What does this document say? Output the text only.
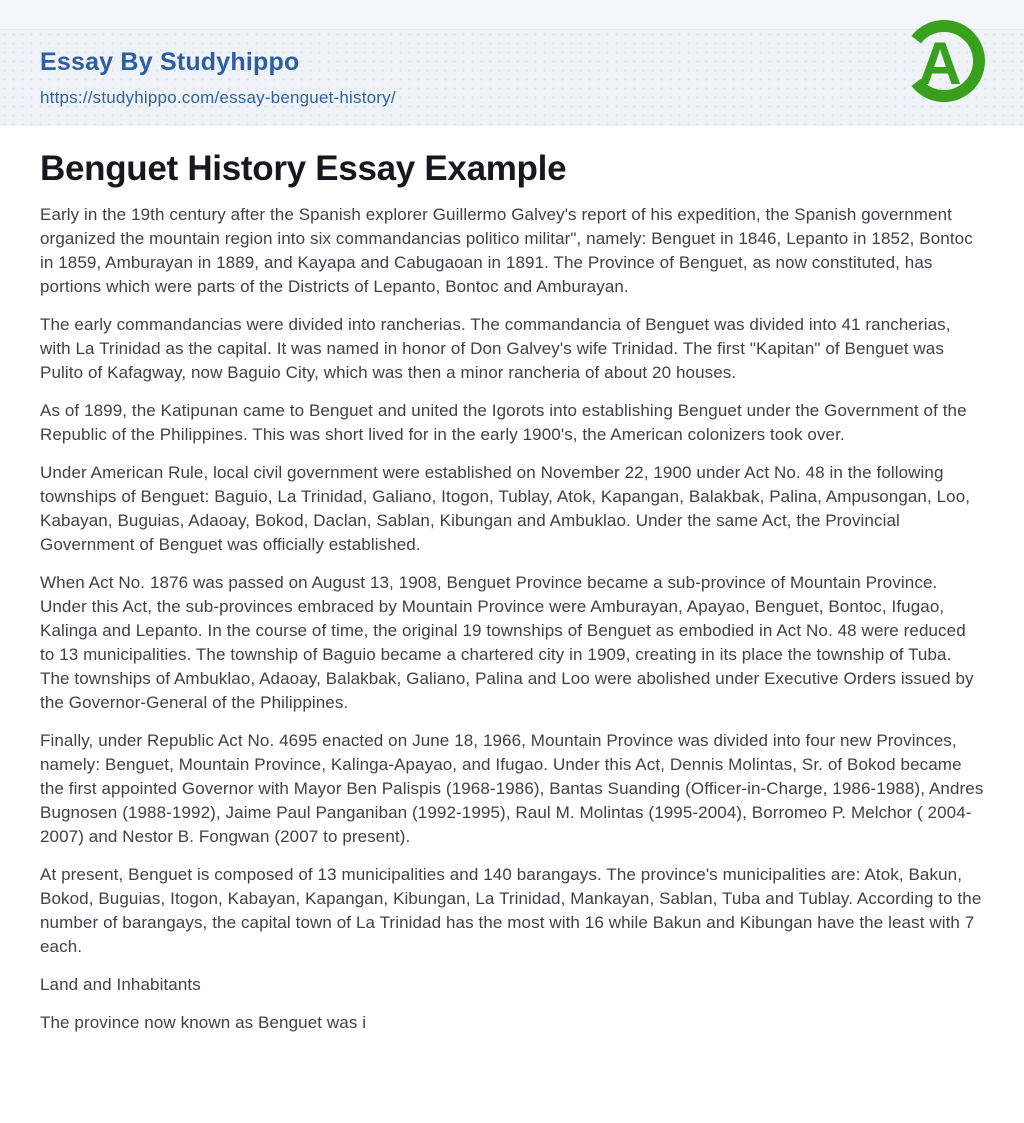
Essay By Studyhippo
https://studyhippo.com/essay-benguet-history/
A
Benguet History Essay Example

Early in the 19th century after the Spanish explorer Guillermo Galvey's report of his expedition, the Spanish government organized the mountain region into six commandancias politico militar", namely: Benguet in 1846, Lepanto in 1852, Bontoc in 1859, Amburayan in 1889, and Kayapa and Cabugaoan in 1891. The Province of Benguet, as now constituted, has portions which were parts of the Districts of Lepanto, Bontoc and Amburayan.

The early commandancias were divided into rancherias. The commandancia of Benguet was divided into 41 rancherias, with La Trinidad as the capital. It was named in honor of Don Galvey's wife Trinidad. The first "Kapitan" of Benguet was Pulito of Kafagway, now Baguio City, which was then a minor rancheria of about 20 houses.

As of 1899, the Katipunan came to Benguet and united the Igorots into establishing Benguet under the Government of the Republic of the Philippines. This was short lived for in the early 1900's, the American colonizers took over.

Under American Rule, local civil government were established on November 22, 1900 under Act No. 48 in the following townships of Benguet: Baguio, La Trinidad, Galiano, Itogon, Tublay, Atok, Kapangan, Balakbak, Palina, Ampusongan, Loo, Kabayan, Buguias, Adaoay, Bokod, Daclan, Sablan, Kibungan and Ambuklao. Under the same Act, the Provincial Government of Benguet was officially established.

When Act No. 1876 was passed on August 13, 1908, Benguet Province became a sub-province of Mountain Province. Under this Act, the sub-provinces embraced by Mountain Province were Amburayan, Apayao, Benguet, Bontoc, Ifugao, Kalinga and Lepanto. In the course of time, the original 19 townships of Benguet as embodied in Act No. 48 were reduced to 13 municipalities. The township of Baguio became a chartered city in 1909, creating in its place the township of Tuba. The townships of Ambuklao, Adaoay, Balakbak, Galiano, Palina and Loo were abolished under Executive Orders issued by the Governor-General of the Philippines.

Finally, under Republic Act No. 4695 enacted on June 18, 1966, Mountain Province was divided into four new Provinces, namely: Benguet, Mountain Province, Kalinga-Apayao, and Ifugao. Under this Act, Dennis Molintas, Sr. of Bokod became the first appointed Governor with Mayor Ben Palispis (1968-1986), Bantas Suanding (Officer-in-Charge, 1986-1988), Andres Bugnosen (1988-1992), Jaime Paul Panganiban (1992-1995), Raul M. Molintas (1995-2004), Borromeo P. Melchor ( 2004-2007) and Nestor B. Fongwan (2007 to present).

At present, Benguet is composed of 13 municipalities and 140 barangays. The province's municipalities are: Atok, Bakun, Bokod, Buguias, Itogon, Kabayan, Kapangan, Kibungan, La Trinidad, Mankayan, Sablan, Tuba and Tublay. According to the number of barangays, the capital town of La Trinidad has the most with 16 while Bakun and Kibungan have the least with 7 each.

Land and Inhabitants

The province now known as Benguet was i
